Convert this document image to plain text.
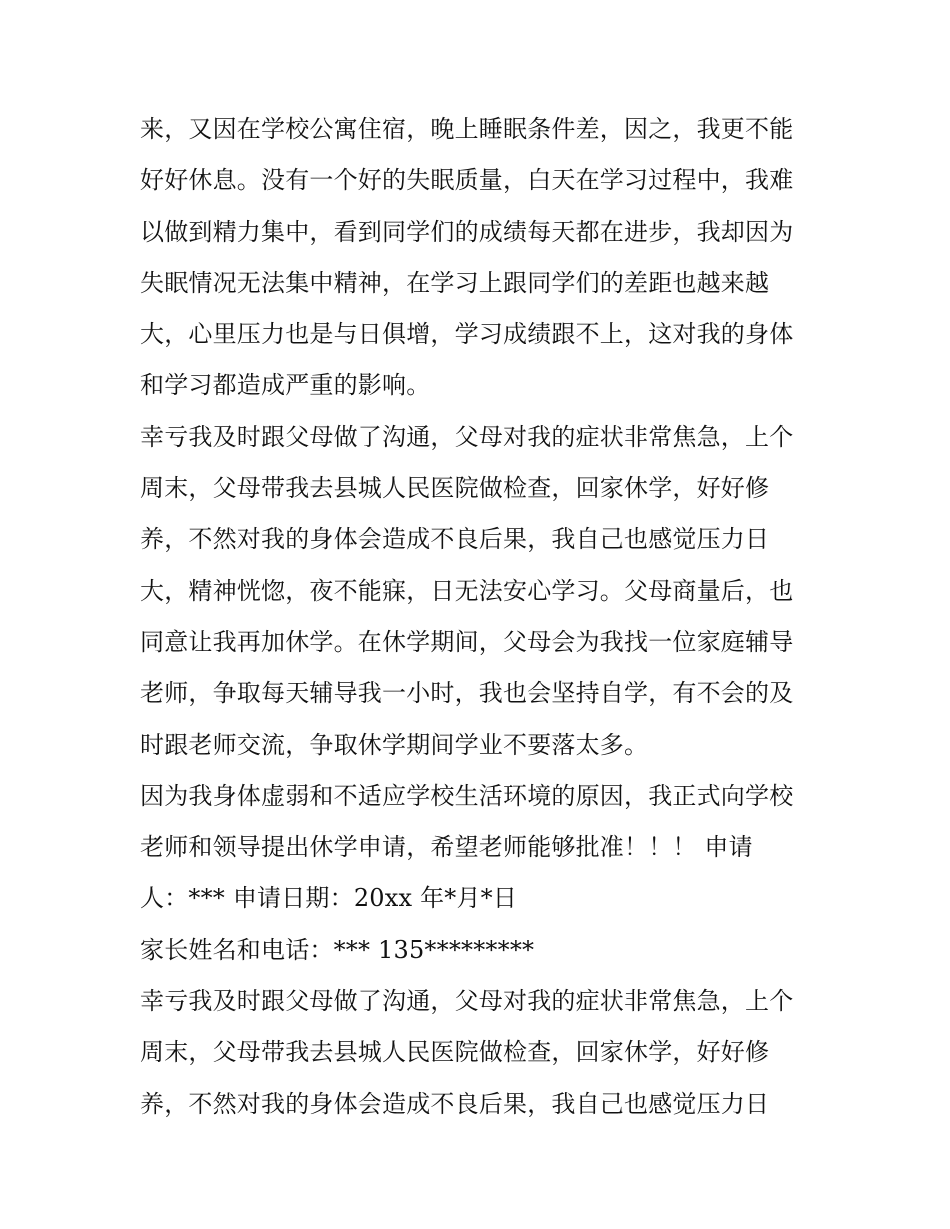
来，又因在学校公寓住宿，晚上睡眠条件差，因之，我更不能
好好休息。没有一个好的失眠质量，白天在学习过程中，我难
以做到精力集中，看到同学们的成绩每天都在进步，我却因为
失眠情况无法集中精神，在学习上跟同学们的差距也越来越
大，心里压力也是与日俱增，学习成绩跟不上，这对我的身体
和学习都造成严重的影响。
幸亏我及时跟父母做了沟通，父母对我的症状非常焦急，上个
周末，父母带我去县城人民医院做检查，回家休学，好好修
养，不然对我的身体会造成不良后果，我自己也感觉压力日
大，精神恍惚，夜不能寐，日无法安心学习。父母商量后，也
同意让我再加休学。在休学期间，父母会为我找一位家庭辅导
老师，争取每天辅导我一小时，我也会坚持自学，有不会的及
时跟老师交流，争取休学期间学业不要落太多。
因为我身体虚弱和不适应学校生活环境的原因，我正式向学校
老师和领导提出休学申请，希望老师能够批准！！！ 申请
人：*** 申请日期：20xx 年*月*日
家长姓名和电话：*** 135*********
幸亏我及时跟父母做了沟通，父母对我的症状非常焦急，上个
周末，父母带我去县城人民医院做检查，回家休学，好好修
养，不然对我的身体会造成不良后果，我自己也感觉压力日
